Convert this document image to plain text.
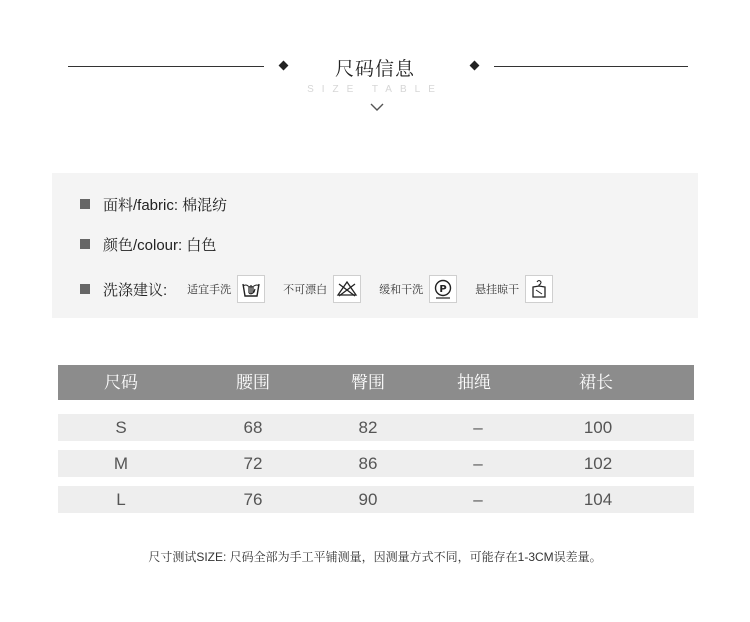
尺码信息
SIZE TABLE
面料/fabric: 棉混纺
颜色/colour: 白色
洗涤建议: 适宜手洗	不可漂白	缓和干洗 P	悬挂晾干
尺码	腰围	臀围	抽绳	裙长
S	68	82	–	100
M	72	86	–	102
L	76	90	–	104
尺寸测试SIZE: 尺码全部为手工平铺测量，因测量方式不同，可能存在1-3CM误差量。
